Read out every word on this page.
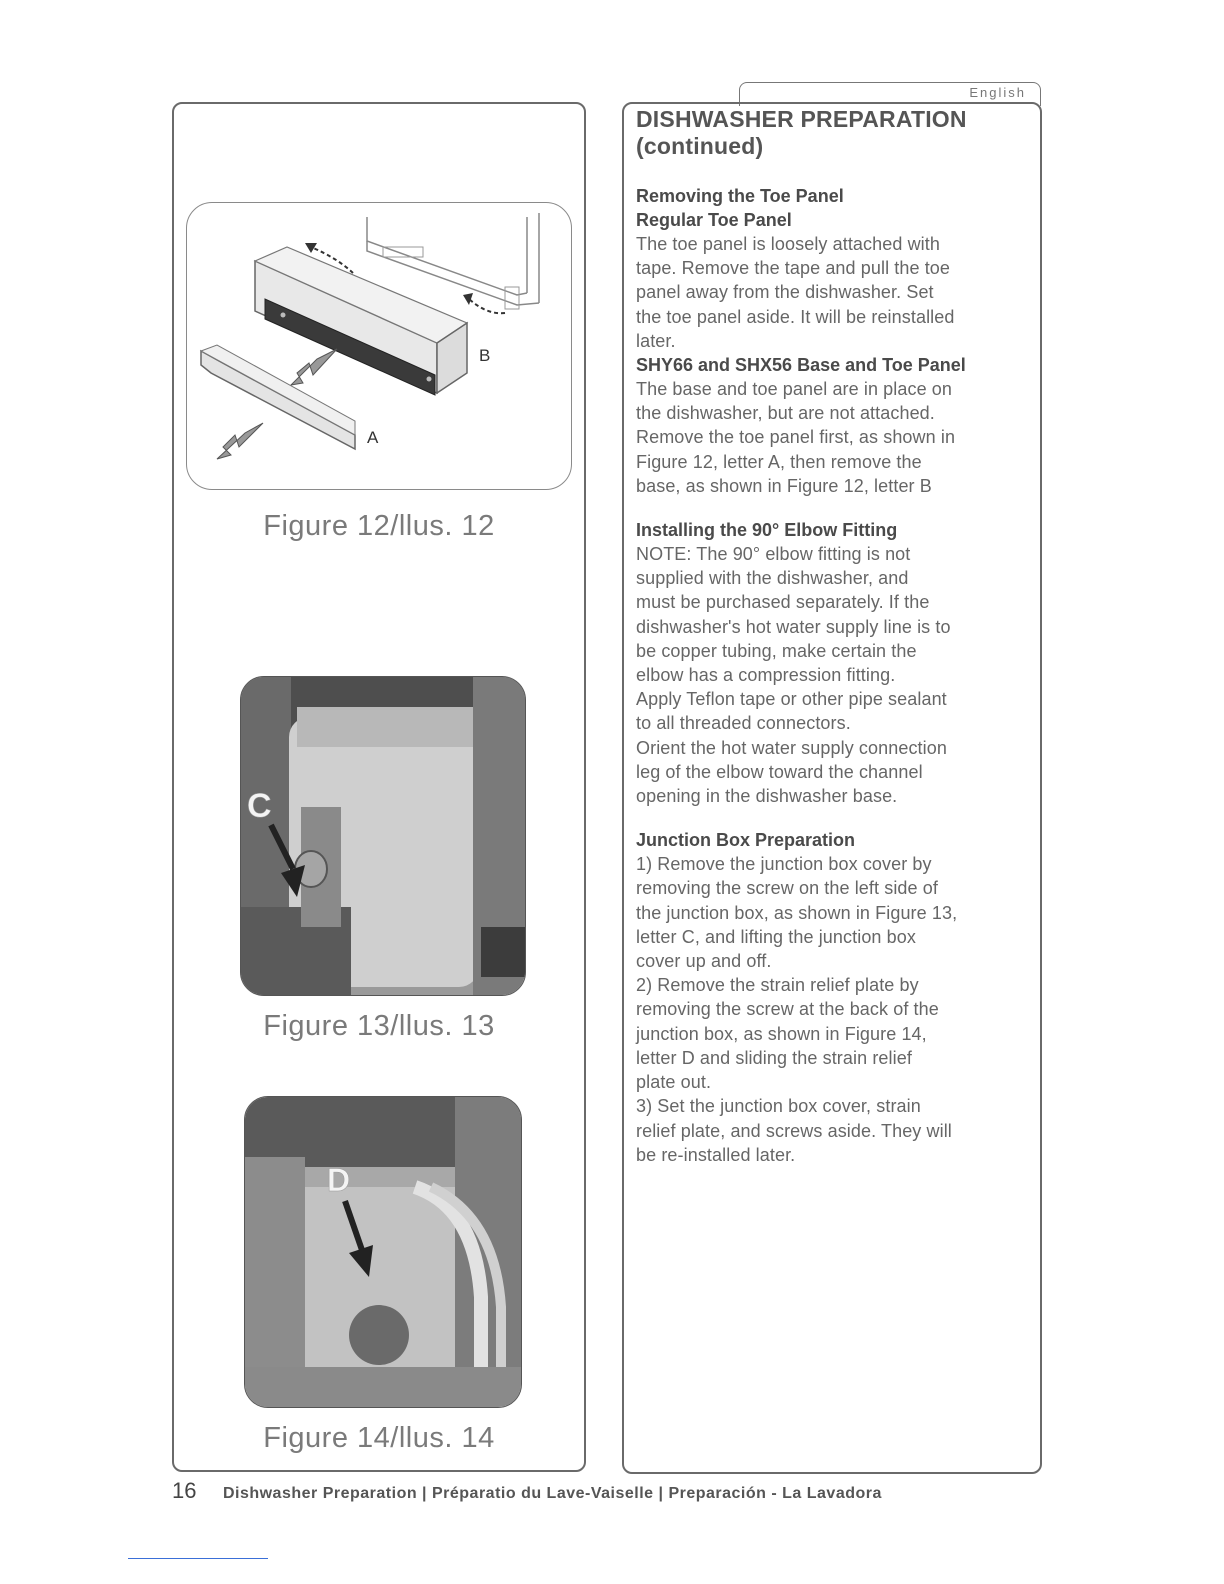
A
B
Figure 12/llus. 12
C
Figure 13/llus. 13
D
Figure 14/llus. 14
English
DISHWASHER PREPARATION
(continued)
Removing the Toe Panel
Regular Toe Panel
The toe panel is loosely attached with
tape. Remove the tape and pull the toe
panel away from the dishwasher. Set
the toe panel aside. It will be reinstalled
later.
SHY66 and SHX56 Base and Toe Panel
The base and toe panel are in place on
the dishwasher, but are not attached.
Remove the toe panel first, as shown in
Figure 12, letter A, then remove the
base, as shown in Figure 12, letter B
Installing the 90° Elbow Fitting
NOTE: The 90° elbow fitting is not
supplied with the dishwasher, and
must be purchased separately. If the
dishwasher's hot water supply line is to
be copper tubing, make certain the
elbow has a compression fitting.
Apply Teflon tape or other pipe sealant
to all threaded connectors.
Orient the hot water supply connection
leg of the elbow toward the channel
opening in the dishwasher base.
Junction Box Preparation
1) Remove the junction box cover by
removing the screw on the left side of
the junction box, as shown in Figure 13,
letter C, and lifting the junction box
cover up and off.
2) Remove the strain relief plate by
removing the screw at the back of the
junction box, as shown in Figure 14,
letter D and sliding the strain relief
plate out.
3) Set the junction box cover, strain
relief plate, and screws aside. They will
be re-installed later.
16 Dishwasher Preparation | Préparatio du Lave-Vaiselle | Preparación - La Lavadora
